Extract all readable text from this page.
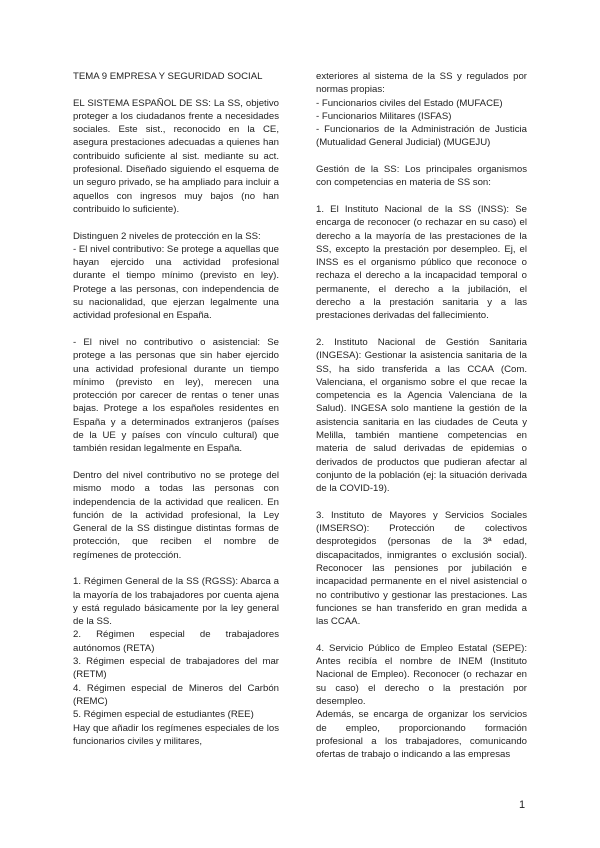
TEMA 9 EMPRESA Y SEGURIDAD SOCIAL

EL SISTEMA ESPAÑOL DE SS: La SS, objetivo proteger a los ciudadanos frente a necesidades sociales. Este sist., reconocido en la CE, asegura prestaciones adecuadas a quienes han contribuido suficiente al sist. mediante su act. profesional. Diseñado siguiendo el esquema de un seguro privado, se ha ampliado para incluir a aquellos con ingresos muy bajos (no han contribuido lo suficiente).

Distinguen 2 niveles de protección en la SS:

- El nivel contributivo: Se protege a aquellas que hayan ejercido una actividad profesional durante el tiempo mínimo (previsto en ley). Protege a las personas, con independencia de su nacionalidad, que ejerzan legalmente una actividad profesional en España.

- El nivel no contributivo o asistencial: Se protege a las personas que sin haber ejercido una actividad profesional durante un tiempo mínimo (previsto en ley), merecen una protección por carecer de rentas o tener unas bajas. Protege a los españoles residentes en España y a determinados extranjeros (países de la UE y países con vínculo cultural) que también residan legalmente en España.

Dentro del nivel contributivo no se protege del mismo modo a todas las personas con independencia de la actividad que realicen. En función de la actividad profesional, la Ley General de la SS distingue distintas formas de protección, que reciben el nombre de regímenes de protección.

1. Régimen General de la SS (RGSS): Abarca a la mayoría de los trabajadores por cuenta ajena y está regulado básicamente por la ley general de la SS.

2. Régimen especial de trabajadores autónomos (RETA)

3. Régimen especial de trabajadores del mar (RETM)

4. Régimen especial de Mineros del Carbón (REMC)

5. Régimen especial de estudiantes (REE)

Hay que añadir los regímenes especiales de los funcionarios civiles y militares,

exteriores al sistema de la SS y regulados por normas propias:

- Funcionarios civiles del Estado (MUFACE)

- Funcionarios Militares (ISFAS)

- Funcionarios de la Administración de Justicia (Mutualidad General Judicial) (MUGEJU)

Gestión de la SS: Los principales organismos con competencias en materia de SS son:

1. El Instituto Nacional de la SS (INSS): Se encarga de reconocer (o rechazar en su caso) el derecho a la mayoría de las prestaciones de la SS, excepto la prestación por desempleo. Ej, el INSS es el organismo público que reconoce o rechaza el derecho a la incapacidad temporal o permanente, el derecho a la jubilación, el derecho a la prestación sanitaria y a las prestaciones derivadas del fallecimiento.

2. Instituto Nacional de Gestión Sanitaria (INGESA): Gestionar la asistencia sanitaria de la SS, ha sido transferida a las CCAA (Com. Valenciana, el organismo sobre el que recae la competencia es la Agencia Valenciana de la Salud). INGESA solo mantiene la gestión de la asistencia sanitaria en las ciudades de Ceuta y Melilla, también mantiene competencias en materia de salud derivadas de epidemias o derivados de productos que pudieran afectar al conjunto de la población (ej: la situación derivada de la COVID-19).

3. Instituto de Mayores y Servicios Sociales (IMSERSO): Protección de colectivos desprotegidos (personas de la 3ª edad, discapacitados, inmigrantes o exclusión social). Reconocer las pensiones por jubilación e incapacidad permanente en el nivel asistencial o no contributivo y gestionar las prestaciones. Las funciones se han transferido en gran medida a las CCAA.

4. Servicio Público de Empleo Estatal (SEPE): Antes recibía el nombre de INEM (Instituto Nacional de Empleo). Reconocer (o rechazar en su caso) el derecho o la prestación por desempleo.

Además, se encarga de organizar los servicios de empleo, proporcionando formación profesional a los trabajadores, comunicando ofertas de trabajo o indicando a las empresas

1
